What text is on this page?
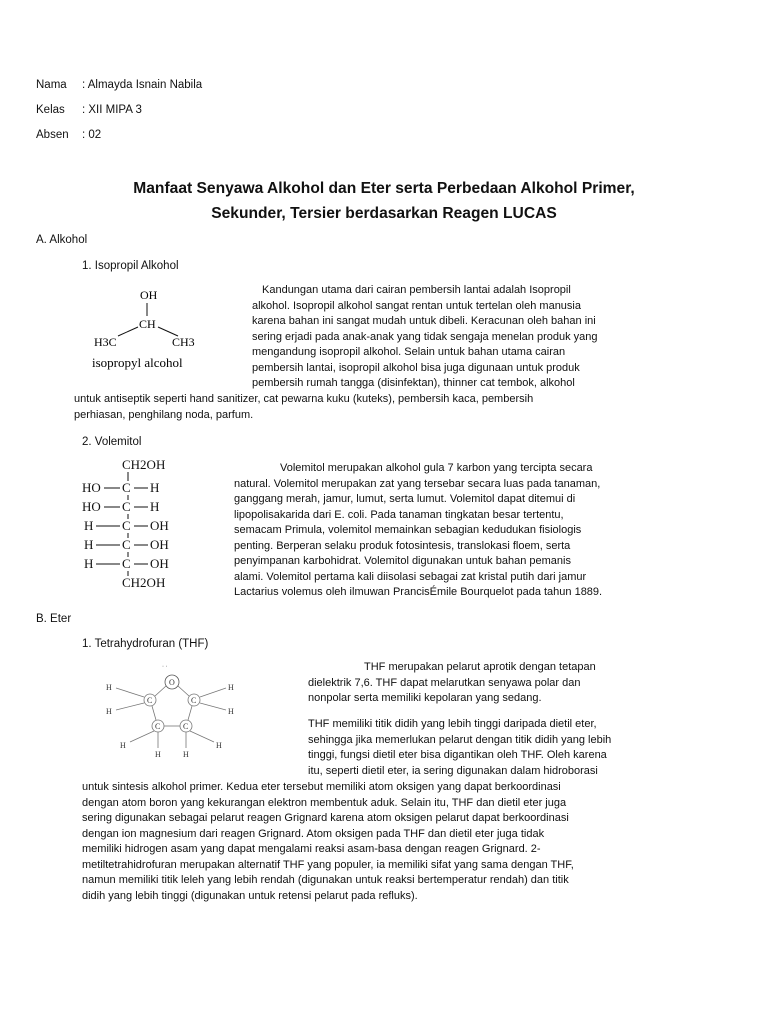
Nama : Almayda Isnain Nabila
Kelas : XII MIPA 3
Absen : 02
Manfaat Senyawa Alkohol dan Eter serta Perbedaan Alkohol Primer,
Sekunder, Tersier berdasarkan Reagen LUCAS
A. Alkohol
1. Isopropil Alkohol
OH
CH
H3C	CH3
isopropyl alcohol

Kandungan utama dari cairan pembersih lantai adalah Isopropil

alkohol. Isopropil alkohol sangat rentan untuk tertelan oleh manusia

karena bahan ini sangat mudah untuk dibeli. Keracunan oleh bahan ini

sering erjadi pada anak-anak yang tidak sengaja menelan produk yang

mengandung isopropil alkohol. Selain untuk bahan utama cairan

pembersih lantai, isopropil alkohol bisa juga digunaan untuk produk

pembersih rumah tangga (disinfektan), thinner cat tembok, alkohol

untuk antiseptik seperti hand sanitizer, cat pewarna kuku (kuteks), pembersih kaca, pembersih

perhiasan, penghilang noda, parfum.

2. Volemitol
CH2OH
HO C H
HO C H
H C OH
H C OH
H C OH
CH2OH

Volemitol merupakan alkohol gula 7 karbon yang tercipta secara

natural. Volemitol merupakan zat yang tersebar secara luas pada tanaman,

ganggang merah, jamur, lumut, serta lumut. Volemitol dapat ditemui di

lipopolisakarida dari E. coli. Pada tanaman tingkatan besar tertentu,

semacam Primula, volemitol memainkan sebagian kedudukan fisiologis

penting. Berperan selaku produk fotosintesis, translokasi floem, serta

penyimpanan karbohidrat. Volemitol digunakan untuk bahan pemanis

alami. Volemitol pertama kali diisolasi sebagai zat kristal putih dari jamur

Lactarius volemus oleh ilmuwan PrancisÉmile Bourquelot pada tahun 1889.

B. Eter
1. Tetrahydrofuran (THF)
O
· ·
C	C
C	C
H
H
H
H
H
H	H
H

THF merupakan pelarut aprotik dengan tetapan

dielektrik 7,6. THF dapat melarutkan senyawa polar dan

nonpolar serta memiliki kepolaran yang sedang.

THF memiliki titik didih yang lebih tinggi daripada dietil eter,

sehingga jika memerlukan pelarut dengan titik didih yang lebih

tinggi, fungsi dietil eter bisa digantikan oleh THF. Oleh karena

itu, seperti dietil eter, ia sering digunakan dalam hidroborasi

untuk sintesis alkohol primer. Kedua eter tersebut memiliki atom oksigen yang dapat berkoordinasi

dengan atom boron yang kekurangan elektron membentuk aduk. Selain itu, THF dan dietil eter juga

sering digunakan sebagai pelarut reagen Grignard karena atom oksigen pelarut dapat berkoordinasi

dengan ion magnesium dari reagen Grignard. Atom oksigen pada THF dan dietil eter juga tidak

memiliki hidrogen asam yang dapat mengalami reaksi asam-basa dengan reagen Grignard. 2-

metiltetrahidrofuran merupakan alternatif THF yang populer, ia memiliki sifat yang sama dengan THF,

namun memiliki titik leleh yang lebih rendah (digunakan untuk reaksi bertemperatur rendah) dan titik

didih yang lebih tinggi (digunakan untuk retensi pelarut pada refluks).
